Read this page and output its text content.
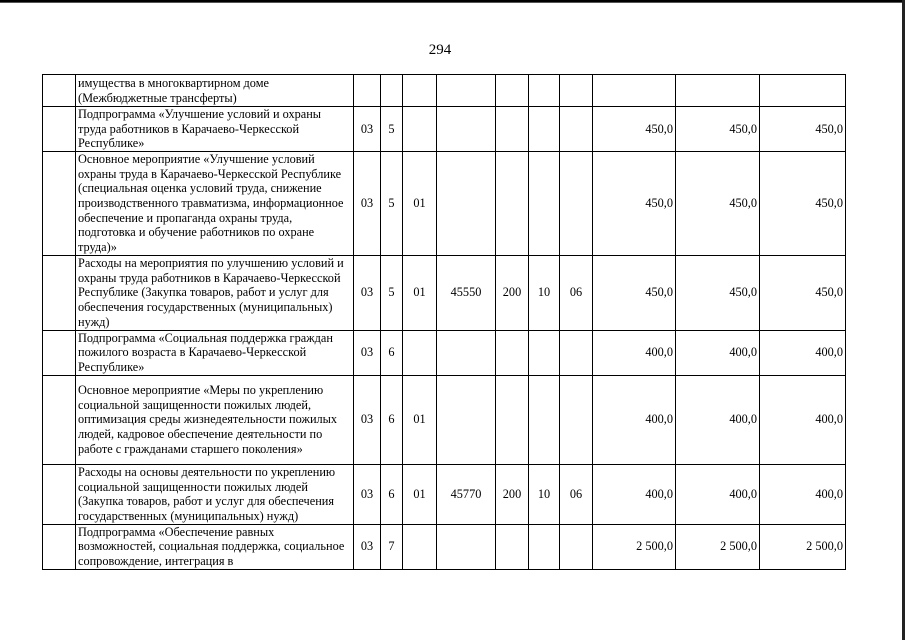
294
	имущества в многоквартирном доме (Межбюджетные трансферты)										
	Подпрограмма «Улучшение условий и охраны труда работников в Карачаево-Черкесской Республике»	03	5						450,0	450,0	450,0
	Основное мероприятие «Улучшение условий охраны труда в Карачаево-Черкесской Республике (специальная оценка условий труда, снижение производственного травматизма, информационное обеспечение и пропаганда охраны труда, подготовка и обучение работников по охране труда)»	03	5	01					450,0	450,0	450,0
	Расходы на мероприятия по улучшению условий и охраны труда работников в Карачаево-Черкесской Республике (Закупка товаров, работ и услуг для обеспечения государственных (муниципальных) нужд)	03	5	01	45550	200	10	06	450,0	450,0	450,0
	Подпрограмма «Социальная поддержка граждан пожилого возраста в Карачаево-Черкесской Республике»	03	6						400,0	400,0	400,0
	Основное мероприятие «Меры по укреплению социальной защищенности пожилых людей, оптимизация среды жизнедеятельности пожилых людей, кадровое обеспечение деятельности по работе с гражданами старшего поколения»	03	6	01					400,0	400,0	400,0
	Расходы на основы деятельности по укреплению социальной защищенности пожилых людей (Закупка товаров, работ и услуг для обеспечения государственных (муниципальных) нужд)	03	6	01	45770	200	10	06	400,0	400,0	400,0
	Подпрограмма «Обеспечение равных возможностей, социальная поддержка, социальное сопровождение, интеграция в	03	7						2 500,0	2 500,0	2 500,0
